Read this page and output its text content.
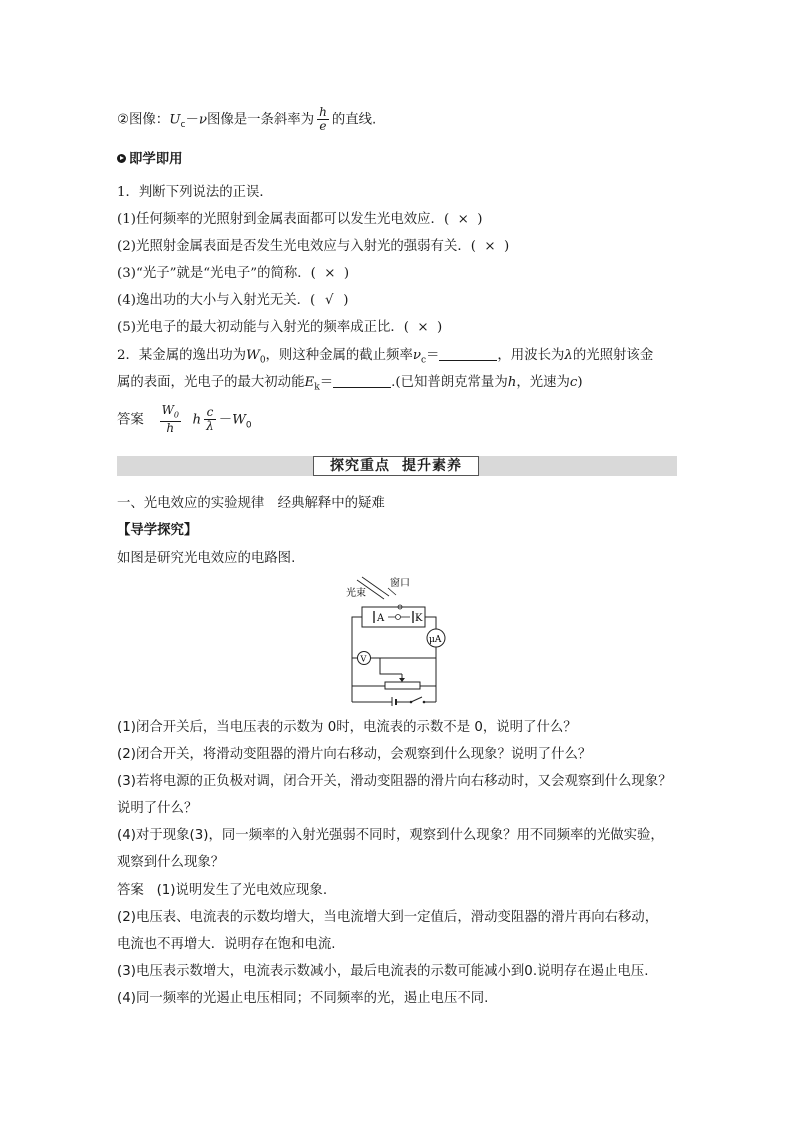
②图像：$U_c-\nu$图像是一条斜率为 $\frac{h}{e}$ 的直线.
即学即用
1．判断下列说法的正误．
(1)任何频率的光照射到金属表面都可以发生光电效应．( × )
(2)光照射金属表面是否发生光电效应与入射光的强弱有关．( × )
(3)“光子”就是“光电子”的简称．( × )
(4)逸出功的大小与入射光无关．( √ )
(5)光电子的最大初动能与入射光的频率成正比．( × )
2．某金属的逸出功为$W_0$，则这种金属的截止频率$\nu_c=$	，用波长为λ的光照射该金
属的表面，光电子的最大初动能$E_k=$	.(已知普朗克常量为h，光速为c)
答案 $\frac{W_0}{h}$ h $\frac{c}{\lambda} -W_0$
探究重点 提升素养
一、光电效应的实验规律　经典解释中的疑难
【导学探究】
如图是研究光电效应的电路图.
光束
窗口
A	K
μA
V
(1)闭合开关后，当电压表的示数为 0时，电流表的示数不是 0，说明了什么？
(2)闭合开关，将滑动变阻器的滑片向右移动，会观察到什么现象？说明了什么？
(3)若将电源的正负极对调，闭合开关，滑动变阻器的滑片向右移动时，又会观察到什么现象？
说明了什么？
(4)对于现象(3)，同一频率的入射光强弱不同时，观察到什么现象？用不同频率的光做实验，
观察到什么现象？
答案 (1)说明发生了光电效应现象.
(2)电压表、电流表的示数均增大，当电流增大到一定值后，滑动变阻器的滑片再向右移动，
电流也不再增大．说明存在饱和电流.
(3)电压表示数增大，电流表示数减小，最后电流表的示数可能减小到0.说明存在遏止电压.
(4)同一频率的光遏止电压相同；不同频率的光，遏止电压不同.
